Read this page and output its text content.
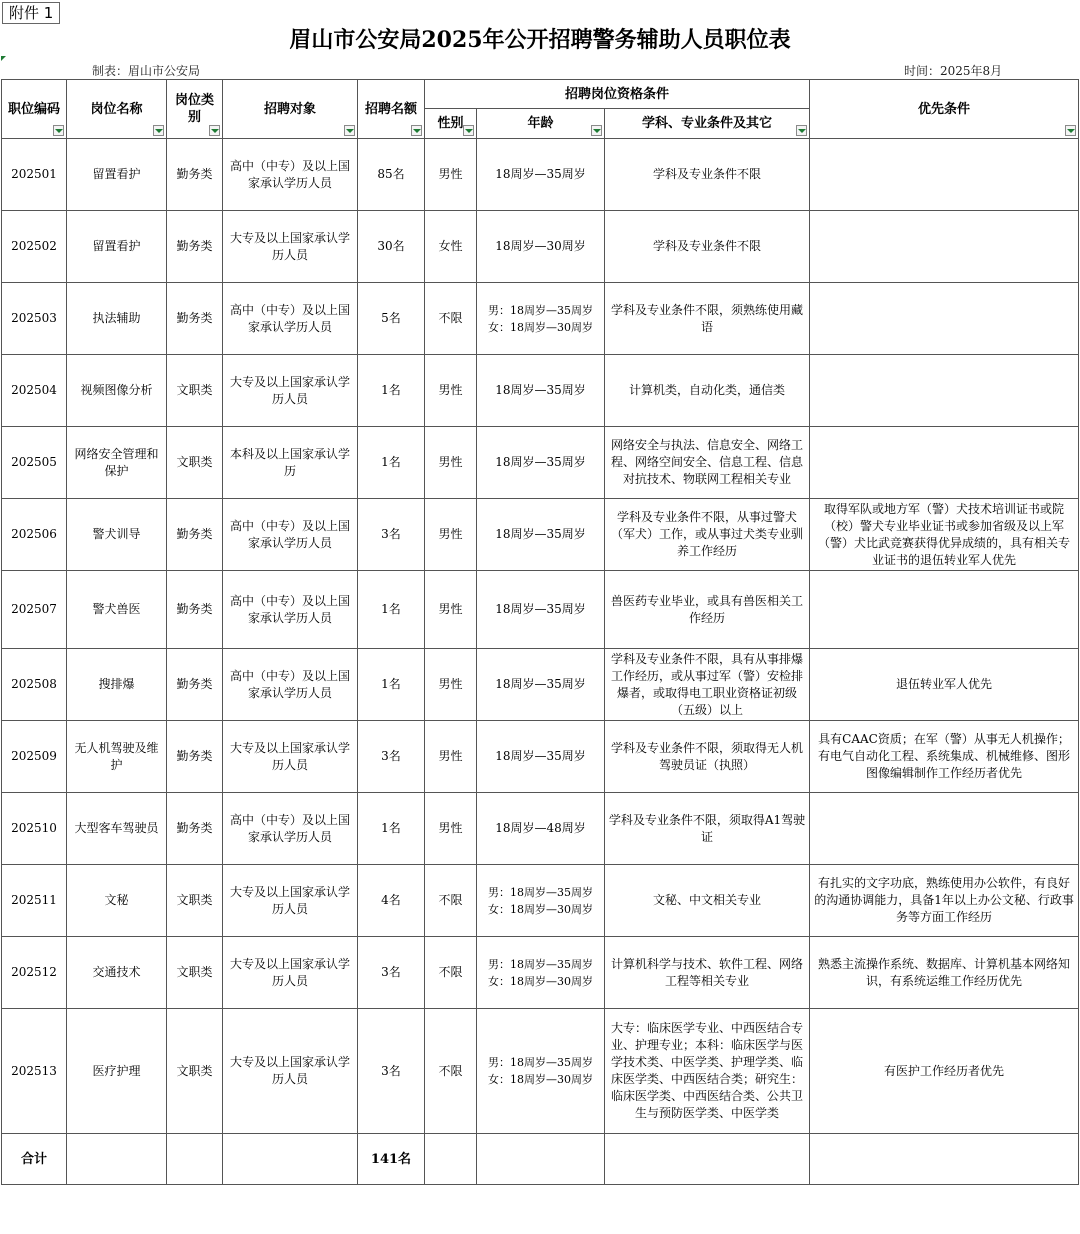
附件 1
眉山市公安局2025年公开招聘警务辅助人员职位表
制表：眉山市公安局	时间：2025年8月
职位编码	岗位名称	岗位类别	招聘对象	招聘名额	招聘岗位资格条件			优先条件

					性别	年龄	学科、专业条件及其它	

202501	留置看护	勤务类	高中（中专）及以上国家承认学历人员	85名	男性	18周岁—35周岁	学科及专业条件不限	
202502	留置看护	勤务类	大专及以上国家承认学历人员	30名	女性	18周岁—30周岁	学科及专业条件不限	
202503	执法辅助	勤务类	高中（中专）及以上国家承认学历人员	5名	不限	男：18周岁—35周岁
女：18周岁—30周岁	学科及专业条件不限，须熟练使用藏语	
202504	视频图像分析	文职类	大专及以上国家承认学历人员	1名	男性	18周岁—35周岁	计算机类，自动化类，通信类	
202505	网络安全管理和保护	文职类	本科及以上国家承认学历	1名	男性	18周岁—35周岁	网络安全与执法、信息安全、网络工程、网络空间安全、信息工程、信息对抗技术、物联网工程相关专业	
202506	警犬训导	勤务类	高中（中专）及以上国家承认学历人员	3名	男性	18周岁—35周岁	学科及专业条件不限，从事过警犬（军犬）工作，或从事过犬类专业驯养工作经历	取得军队或地方军（警）犬技术培训证书或院（校）警犬专业毕业证书或参加省级及以上军（警）犬比武竞赛获得优异成绩的，具有相关专业证书的退伍转业军人优先
202507	警犬兽医	勤务类	高中（中专）及以上国家承认学历人员	1名	男性	18周岁—35周岁	兽医药专业毕业，或具有兽医相关工作经历	
202508	搜排爆	勤务类	高中（中专）及以上国家承认学历人员	1名	男性	18周岁—35周岁	学科及专业条件不限，具有从事排爆工作经历，或从事过军（警）安检排爆者，或取得电工职业资格证初级（五级）以上	退伍转业军人优先
202509	无人机驾驶及维护	勤务类	大专及以上国家承认学历人员	3名	男性	18周岁—35周岁	学科及专业条件不限，须取得无人机驾驶员证（执照）	具有CAAC资质；在军（警）从事无人机操作；有电气自动化工程、系统集成、机械维修、图形图像编辑制作工作经历者优先
202510	大型客车驾驶员	勤务类	高中（中专）及以上国家承认学历人员	1名	男性	18周岁—48周岁	学科及专业条件不限，须取得A1驾驶证	
202511	文秘	文职类	大专及以上国家承认学历人员	4名	不限	男：18周岁—35周岁
女：18周岁—30周岁	文秘、中文相关专业	有扎实的文字功底，熟练使用办公软件，有良好的沟通协调能力，具备1年以上办公文秘、行政事务等方面工作经历
202512	交通技术	文职类	大专及以上国家承认学历人员	3名	不限	男：18周岁—35周岁
女：18周岁—30周岁	计算机科学与技术、软件工程、网络工程等相关专业	熟悉主流操作系统、数据库、计算机基本网络知识，有系统运维工作经历优先
202513	医疗护理	文职类	大专及以上国家承认学历人员	3名	不限	男：18周岁—35周岁
女：18周岁—30周岁	大专：临床医学专业、中西医结合专业、护理专业；本科：临床医学与医学技术类、中医学类、护理学类、临床医学类、中西医结合类；研究生：临床医学类、中西医结合类、公共卫生与预防医学类、中医学类	有医护工作经历者优先
合计				141名				
